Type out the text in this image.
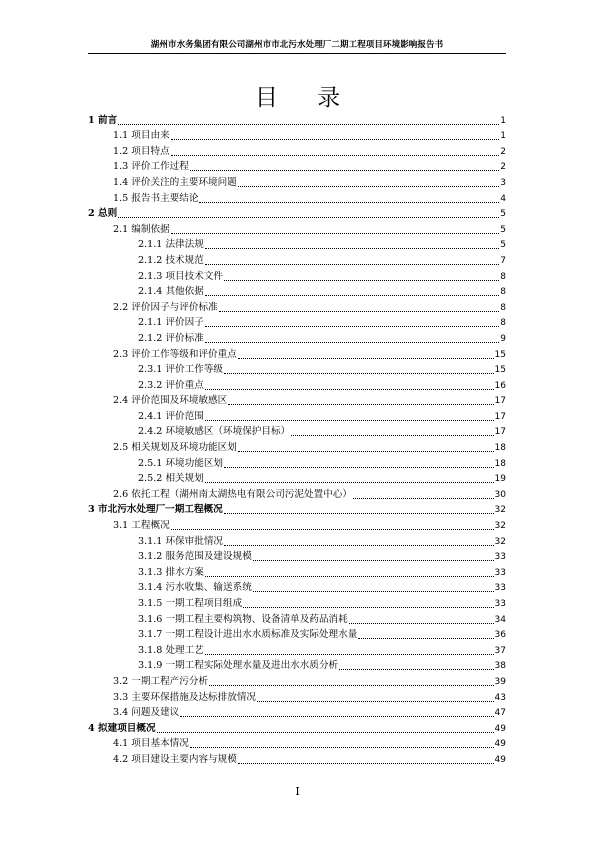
湖州市水务集团有限公司湖州市市北污水处理厂二期工程项目环境影响报告书
目 录
1 前言	1
1.1 项目由来	1
1.2 项目特点	2
1.3 评价工作过程	2
1.4 评价关注的主要环境问题	3
1.5 报告书主要结论	4
2 总则	5
2.1 编制依据	5
2.1.1 法律法规	5
2.1.2 技术规范	7
2.1.3 项目技术文件	8
2.1.4 其他依据	8
2.2 评价因子与评价标准	8
2.1.1 评价因子	8
2.1.2 评价标准	9
2.3 评价工作等级和评价重点	15
2.3.1 评价工作等级	15
2.3.2 评价重点	16
2.4 评价范围及环境敏感区	17
2.4.1 评价范围	17
2.4.2 环境敏感区（环境保护目标）	17
2.5 相关规划及环境功能区划	18
2.5.1 环境功能区划	18
2.5.2 相关规划	19
2.6 依托工程（湖州南太湖热电有限公司污泥处置中心）	30
3 市北污水处理厂一期工程概况	32
3.1 工程概况	32
3.1.1 环保审批情况	32
3.1.2 服务范围及建设规模	33
3.1.3 排水方案	33
3.1.4 污水收集、输送系统	33
3.1.5 一期工程项目组成	33
3.1.6 一期工程主要构筑物、设备清单及药品消耗	34
3.1.7 一期工程设计进出水水质标准及实际处理水量	36
3.1.8 处理工艺	37
3.1.9 一期工程实际处理水量及进出水水质分析	38
3.2 一期工程产污分析	39
3.3 主要环保措施及达标排放情况	43
3.4 问题及建议	47
4 拟建项目概况	49
4.1 项目基本情况	49
4.2 项目建设主要内容与规模	49
I
